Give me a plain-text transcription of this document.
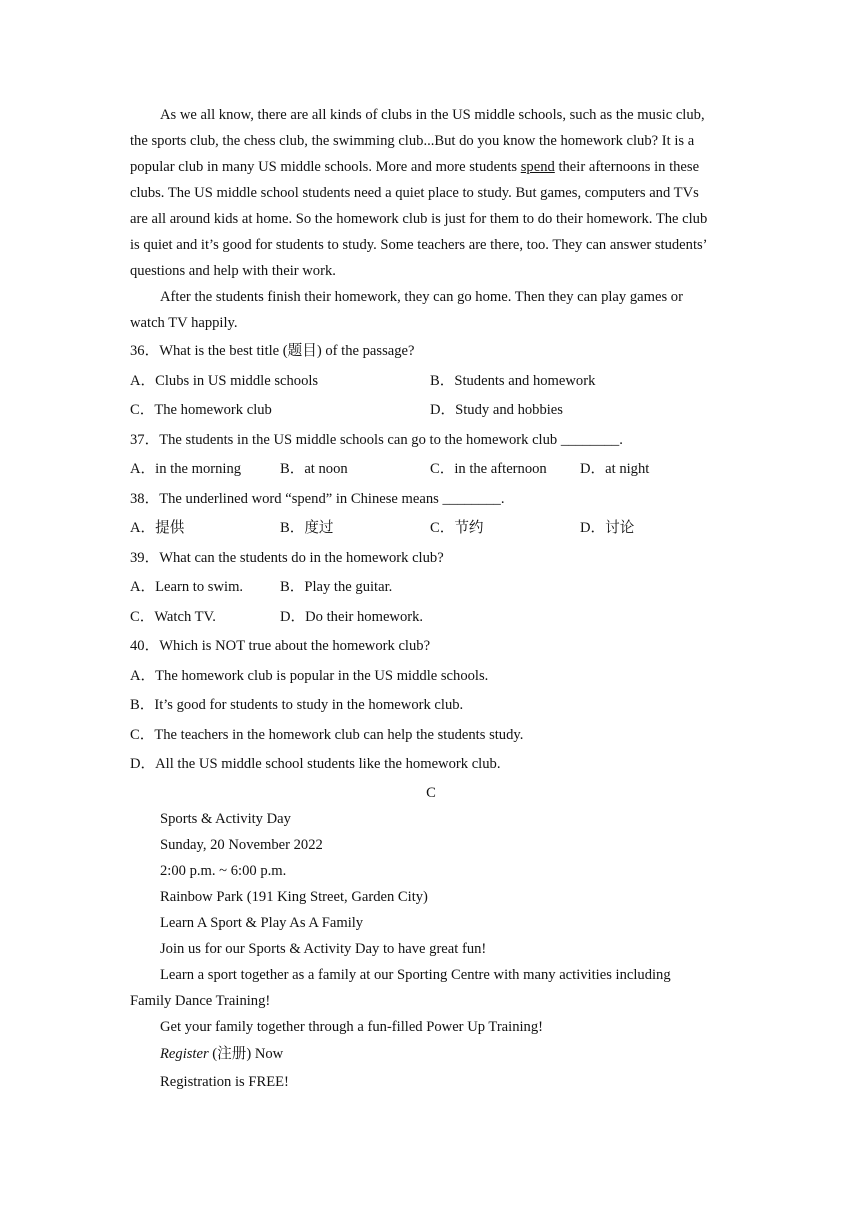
As we all know, there are all kinds of clubs in the US middle schools, such as the music club,
the sports club, the chess club, the swimming club...But do you know the homework club? It is a
popular club in many US middle schools. More and more students spend their afternoons in these
clubs. The US middle school students need a quiet place to study. But games, computers and TVs
are all around kids at home. So the homework club is just for them to do their homework. The club
is quiet and it’s good for students to study. Some teachers are there, too. They can answer students’
questions and help with their work.
After the students finish their homework, they can go home. Then they can play games or
watch TV happily.
36．What is the best title (题目) of the passage?
A．Clubs in US middle schools	B．Students and homework
C．The homework club	D．Study and hobbies
37．The students in the US middle schools can go to the homework club ________.
A．in the morning	B．at noon	C．in the afternoon	D．at night
38．The underlined word “spend” in Chinese means ________.
A．提供	B．度过	C．节约	D．讨论
39．What can the students do in the homework club?
A．Learn to swim.	B．Play the guitar.
C．Watch TV.	D．Do their homework.
40．Which is NOT true about the homework club?
A．The homework club is popular in the US middle schools.
B．It’s good for students to study in the homework club.
C．The teachers in the homework club can help the students study.
D．All the US middle school students like the homework club.
C
Sports & Activity Day
Sunday, 20 November 2022
2:00 p.m. ~ 6:00 p.m.
Rainbow Park (191 King Street, Garden City)
Learn A Sport & Play As A Family
Join us for our Sports & Activity Day to have great fun!
Learn a sport together as a family at our Sporting Centre with many activities including
Family Dance Training!
Get your family together through a fun-filled Power Up Training!
Register (注册) Now
Registration is FREE!
